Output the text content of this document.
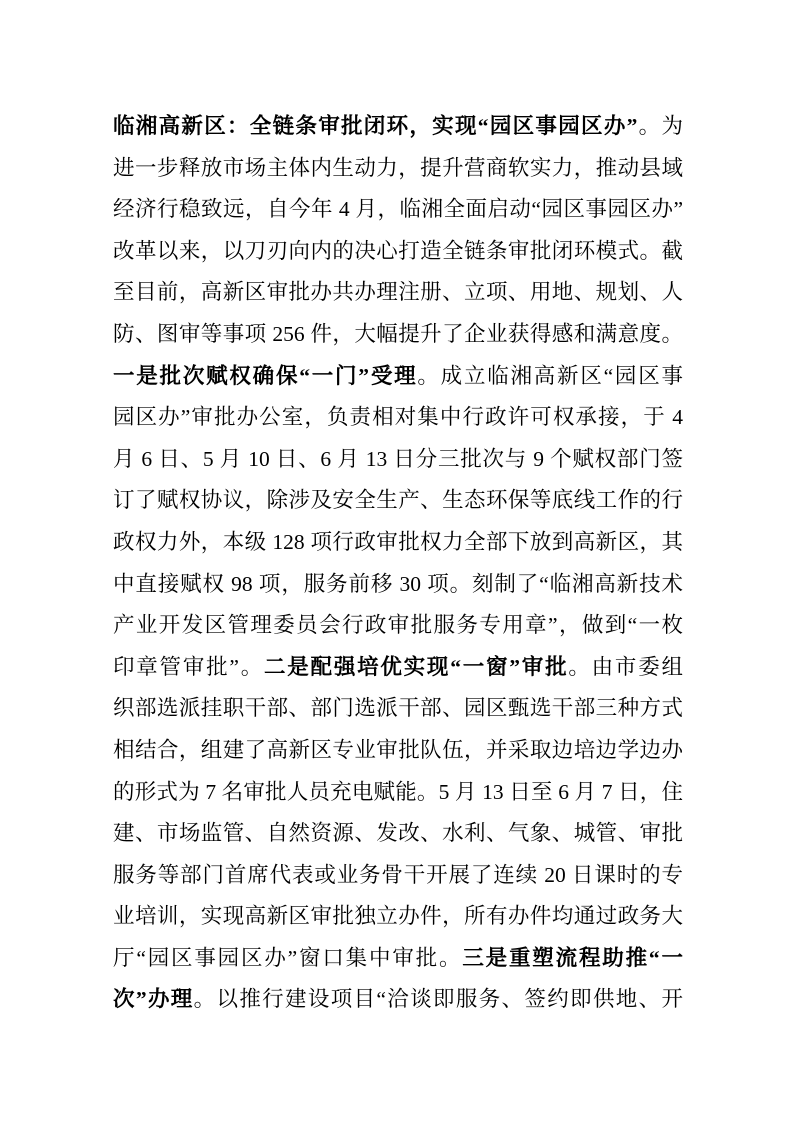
临湘高新区：全链条审批闭环，实现“园区事园区办”。为
进一步释放市场主体内生动力，提升营商软实力，推动县域
经济行稳致远，自今年 4 月，临湘全面启动“园区事园区办”
改革以来，以刀刃向内的决心打造全链条审批闭环模式。截
至目前，高新区审批办共办理注册、立项、用地、规划、人
防、图审等事项 256 件，大幅提升了企业获得感和满意度。
一是批次赋权确保“一门”受理。成立临湘高新区“园区事
园区办”审批办公室，负责相对集中行政许可权承接，于 4
月 6 日、5 月 10 日、6 月 13 日分三批次与 9 个赋权部门签
订了赋权协议，除涉及安全生产、生态环保等底线工作的行
政权力外，本级 128 项行政审批权力全部下放到高新区，其
中直接赋权 98 项，服务前移 30 项。刻制了“临湘高新技术
产业开发区管理委员会行政审批服务专用章”，做到“一枚
印章管审批”。二是配强培优实现“一窗”审批。由市委组
织部选派挂职干部、部门选派干部、园区甄选干部三种方式
相结合，组建了高新区专业审批队伍，并采取边培边学边办
的形式为 7 名审批人员充电赋能。5 月 13 日至 6 月 7 日，住
建、市场监管、自然资源、发改、水利、气象、城管、审批
服务等部门首席代表或业务骨干开展了连续 20 日课时的专
业培训，实现高新区审批独立办件，所有办件均通过政务大
厅“园区事园区办”窗口集中审批。三是重塑流程助推“一
次”办理。以推行建设项目“洽谈即服务、签约即供地、开
